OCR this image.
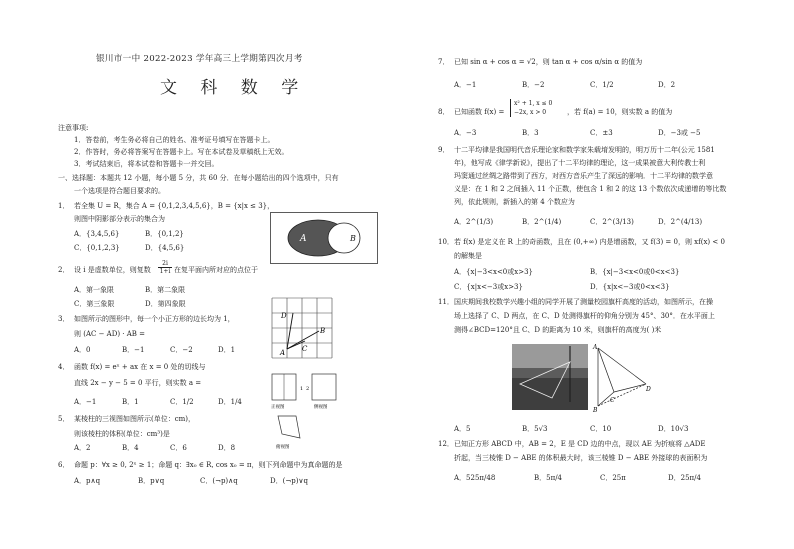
银川市一中 2022-2023 学年高三上学期第四次月考
文 科 数 学
注意事项:
1．答卷前，考生务必将自己的姓名、准考证号填写在答题卡上。
2．作答时，务必将答案写在答题卡上。写在本试卷及草稿纸上无效。
3．考试结束后，将本试卷和答题卡一并交回。
一、选择题：本题共 12 小题，每小题 5 分，共 60 分．在每小题给出的四个选项中，只有
一个选项是符合题目要求的。
1． 若全集 U = R，集合 A = {0,1,2,3,4,5,6}，B = {x|x ≤ 3}，
则图中阴影部分表示的集合为
A．{3,4,5,6}	B．{0,1,2}
C．{0,1,2,3}	D．{4,5,6}
A	B
2． 设 i 是虚数单位，则复数
2i
1+i 在复平面内所对应的点位于
A．第一象限	B．第二象限
C．第三象限	D．第四象限
3． 如图所示的图形中，每一个小正方形的边长均为 1，
则 (AC − AD) · AB =
A．0	B．−1	C．−2	D．1
D
B
A C
4． 函数 f(x) = eˣ + ax 在 x = 0 处的切线与
直线 2x − y − 5 = 0 平行，则实数 a =
A．−1	B．1	C．1/2	D．1/4
1
正视图
2
侧视图
俯视图
5． 某棱柱的三视图如图所示(单位：cm)，
则该棱柱的体积(单位：cm³)是
A．2	B．4	C．6	D．8
6． 命题 p：∀x ≥ 0, 2ˣ ≥ 1；命题 q：∃x₀ ∈ R, cos x₀ = π，则下列命题中为真命题的是
A．p∧q	B．p∨q	C．(¬p)∧q	D．(¬p)∨q
7． 已知 sin α + cos α = √2，则 tan α + cos α/sin α 的值为
A．−1	B．−2	C．1/2	D．2
8． 已知函数 f(x) =
x² + 1, x ≤ 0
−2x, x > 0	，若 f(a) = 10，则实数 a 的值为
A．−3	B．3	C．±3	D．−3或 −5
9． 十二平均律是我国明代音乐理论家和数学家朱载堉发明的，明万历十二年(公元 1581
年)，他写成《律学新说》，提出了十二平均律的理论，这一成果被意大利传教士利
玛窦通过丝绸之路带到了西方，对西方音乐产生了深远的影响．十二平均律的数学意
义是：在 1 和 2 之间插入 11 个正数，使包含 1 和 2 的这 13 个数依次成递增的等比数
列，依此规则，新插入的第 4 个数应为
A．2^(1/3)	B．2^(1/4)	C．2^(3/13)	D．2^(4/13)
10． 若 f(x) 是定义在 R 上的奇函数，且在 (0,+∞) 内是增函数，又 f(3) = 0，则 xf(x) < 0
的解集是
A．{x|−3<x<0或x>3}	B．{x|−3<x<0或0<x<3}
C．{x|x<−3或x>3}	D．{x|x<−3或0<x<3}
11． 国庆期间我校数学兴趣小组的同学开展了测量校园旗杆高度的活动，如图所示，在操
场上选择了 C、D 两点，在 C、D 处测得旗杆的仰角分别为 45°、30°．在水平面上
测得∠BCD=120°且 C、D 的距离为 10 米，则旗杆的高度为( )米
A
B
C
D
A．5	B．5√3	C．10	D．10√3
12． 已知正方形 ABCD 中，AB = 2，E 是 CD 边的中点，现以 AE 为折痕将 △ADE
折起，当三棱锥 D − ABE 的体积最大时，该三棱锥 D − ABE 外接球的表面积为
A．525π/48	B．5π/4	C．25π	D．25π/4
